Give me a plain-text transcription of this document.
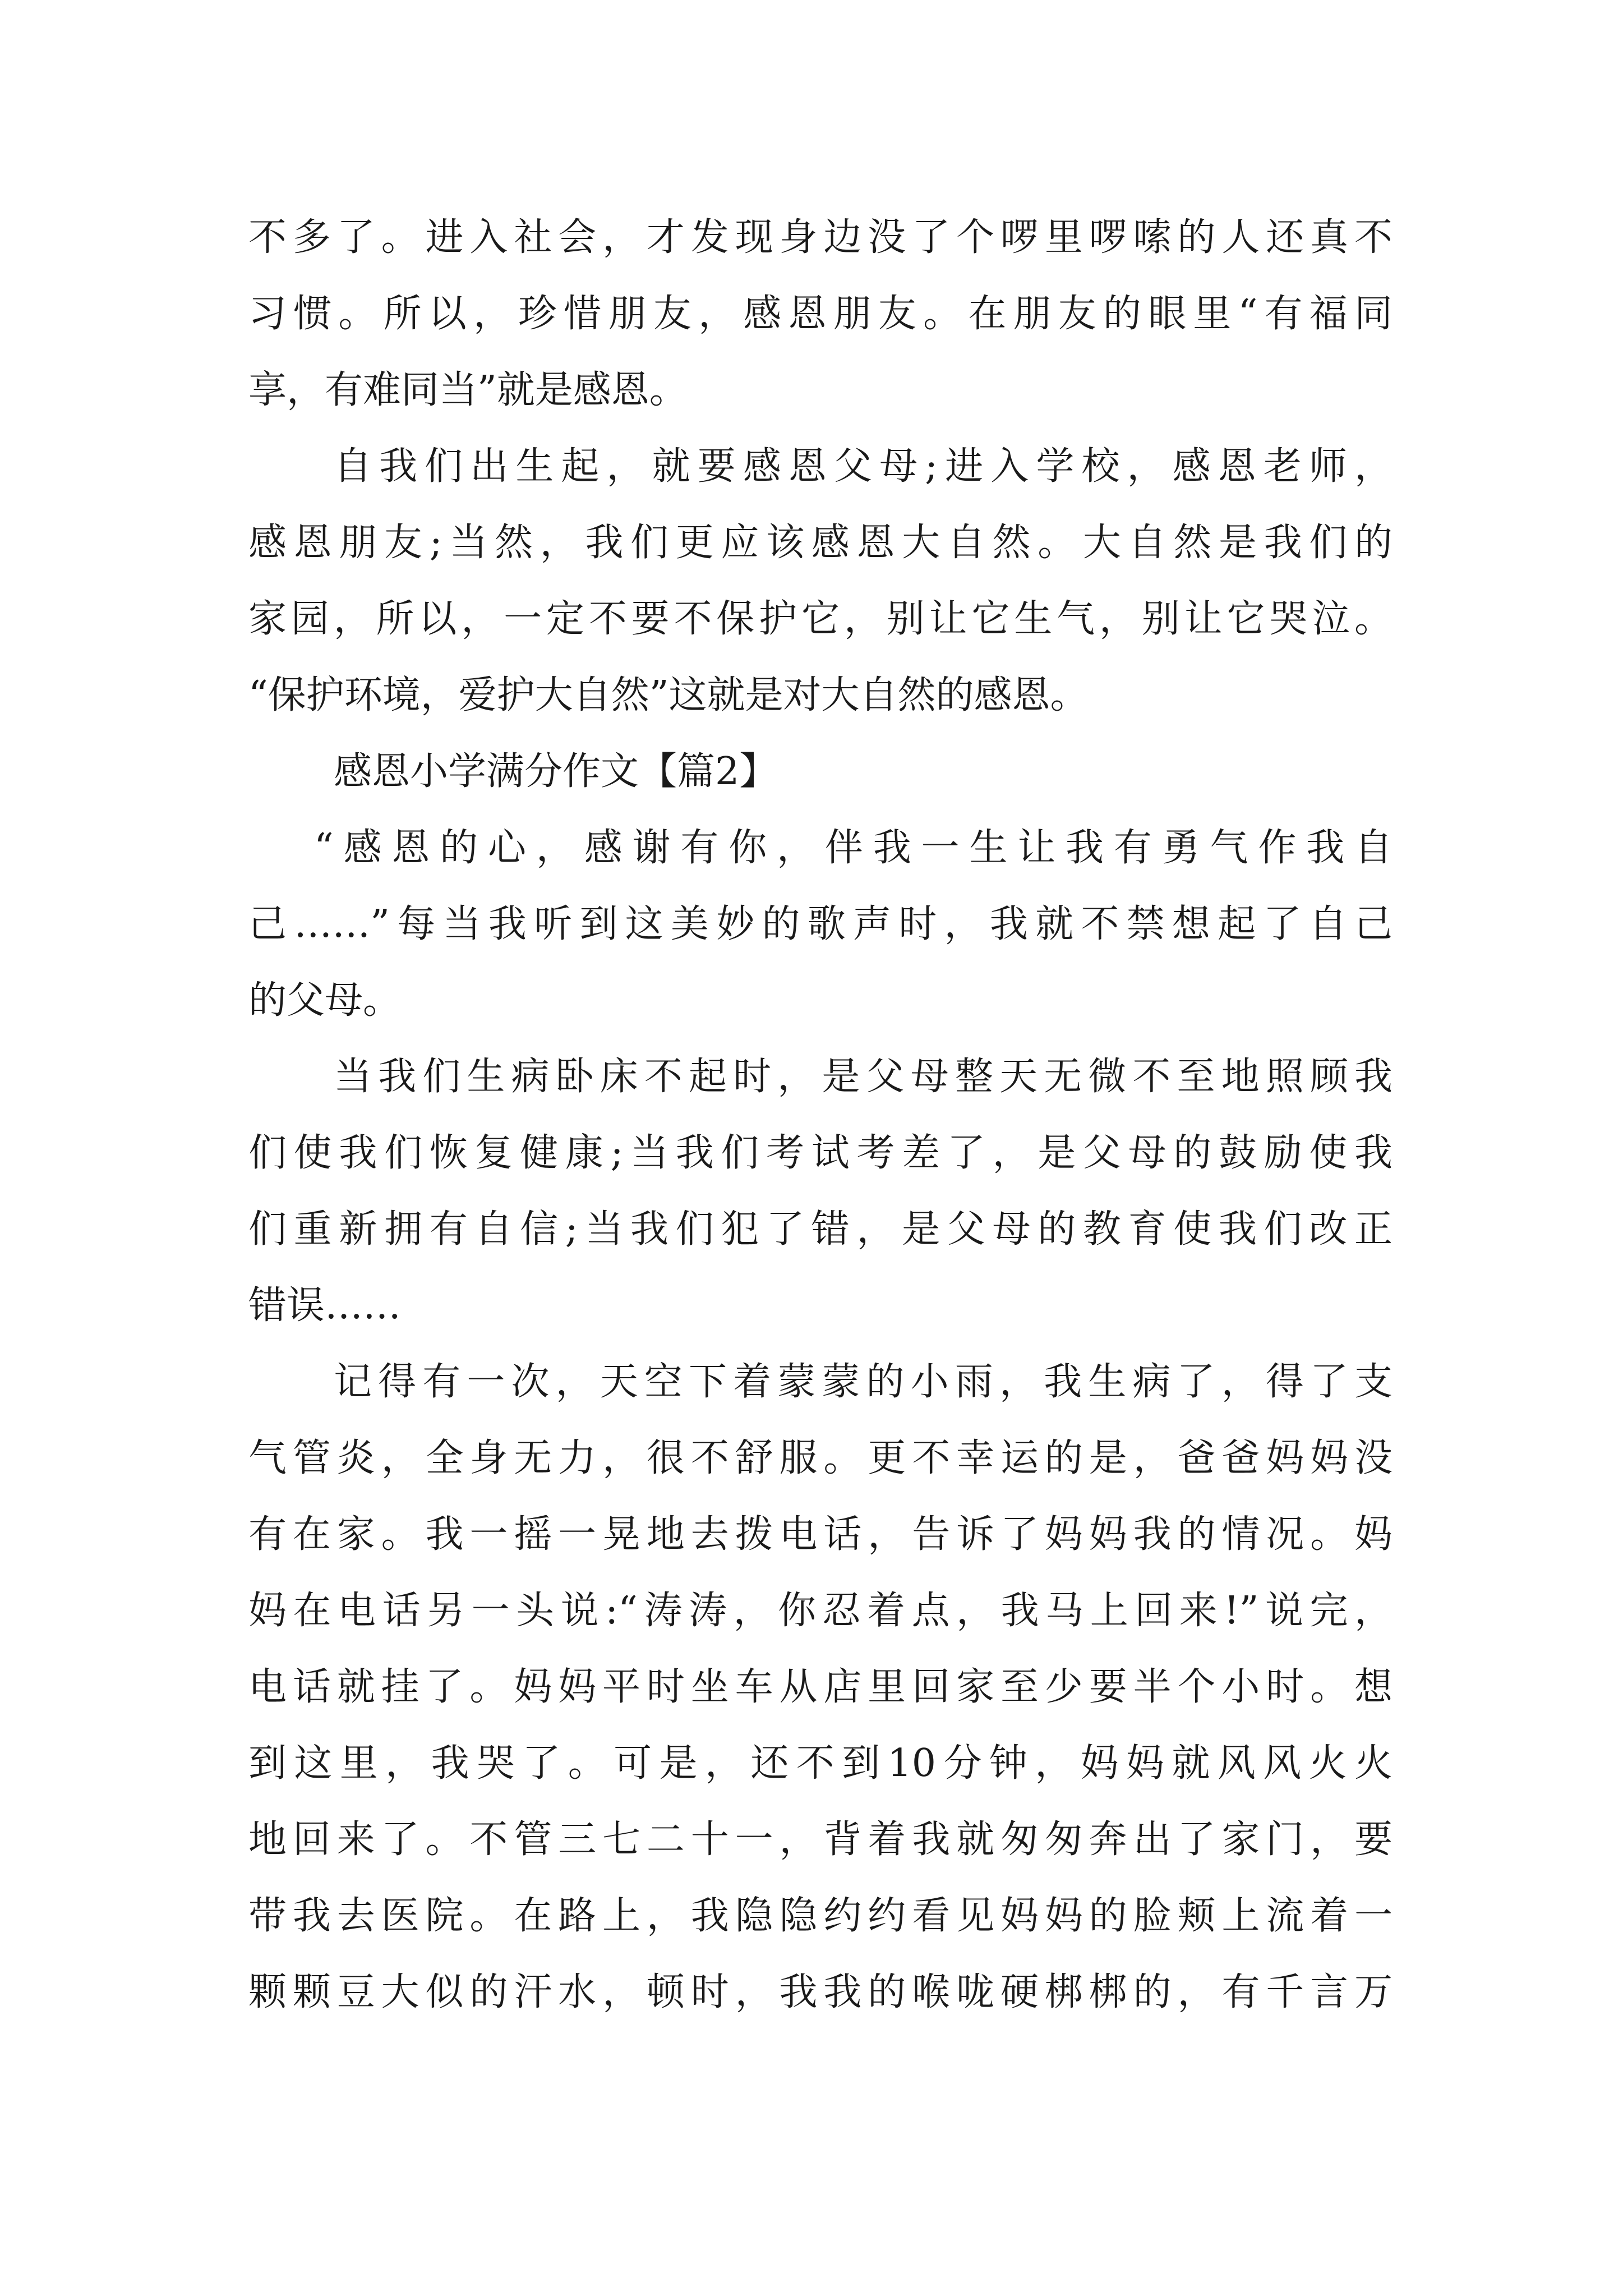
不多了。进入社会，才发现身边没了个啰里啰嗦的人还真不

习惯。所以，珍惜朋友，感恩朋友。在朋友的眼里“有福同

享，有难同当”就是感恩。

自我们出生起，就要感恩父母;进入学校，感恩老师，

感恩朋友;当然，我们更应该感恩大自然。大自然是我们的

家园，所以，一定不要不保护它，别让它生气，别让它哭泣。

“保护环境，爱护大自然”这就是对大自然的感恩。

感恩小学满分作文【篇2】

“感恩的心，感谢有你，伴我一生让我有勇气作我自

己……”每当我听到这美妙的歌声时，我就不禁想起了自己

的父母。

当我们生病卧床不起时，是父母整天无微不至地照顾我

们使我们恢复健康;当我们考试考差了，是父母的鼓励使我

们重新拥有自信;当我们犯了错，是父母的教育使我们改正

错误……

记得有一次，天空下着蒙蒙的小雨，我生病了，得了支

气管炎，全身无力，很不舒服。更不幸运的是，爸爸妈妈没

有在家。我一摇一晃地去拨电话，告诉了妈妈我的情况。妈

妈在电话另一头说:“涛涛，你忍着点，我马上回来!”说完，

电话就挂了。妈妈平时坐车从店里回家至少要半个小时。想

到这里，我哭了。可是，还不到10分钟，妈妈就风风火火

地回来了。不管三七二十一，背着我就匆匆奔出了家门，要

带我去医院。在路上，我隐隐约约看见妈妈的脸颊上流着一

颗颗豆大似的汗水，顿时，我我的喉咙硬梆梆的，有千言万
